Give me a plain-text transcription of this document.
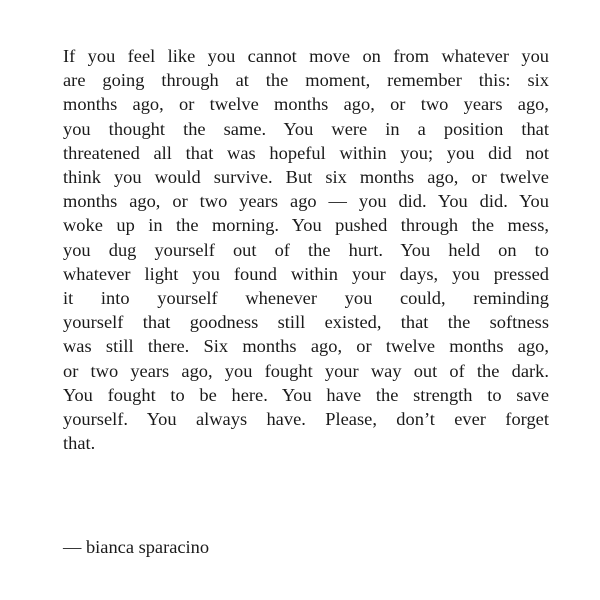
If you feel like you cannot move on from whatever you
are going through at the moment, remember this: six
months ago, or twelve months ago, or two years ago,
you thought the same. You were in a position that
threatened all that was hopeful within you; you did not
think you would survive. But six months ago, or twelve
months ago, or two years ago — you did. You did. You
woke up in the morning. You pushed through the mess,
you dug yourself out of the hurt. You held on to
whatever light you found within your days, you pressed
it into yourself whenever you could, reminding
yourself that goodness still existed, that the softness
was still there. Six months ago, or twelve months ago,
or two years ago, you fought your way out of the dark.
You fought to be here. You have the strength to save
yourself. You always have. Please, don’t ever forget
that.

— bianca sparacino
